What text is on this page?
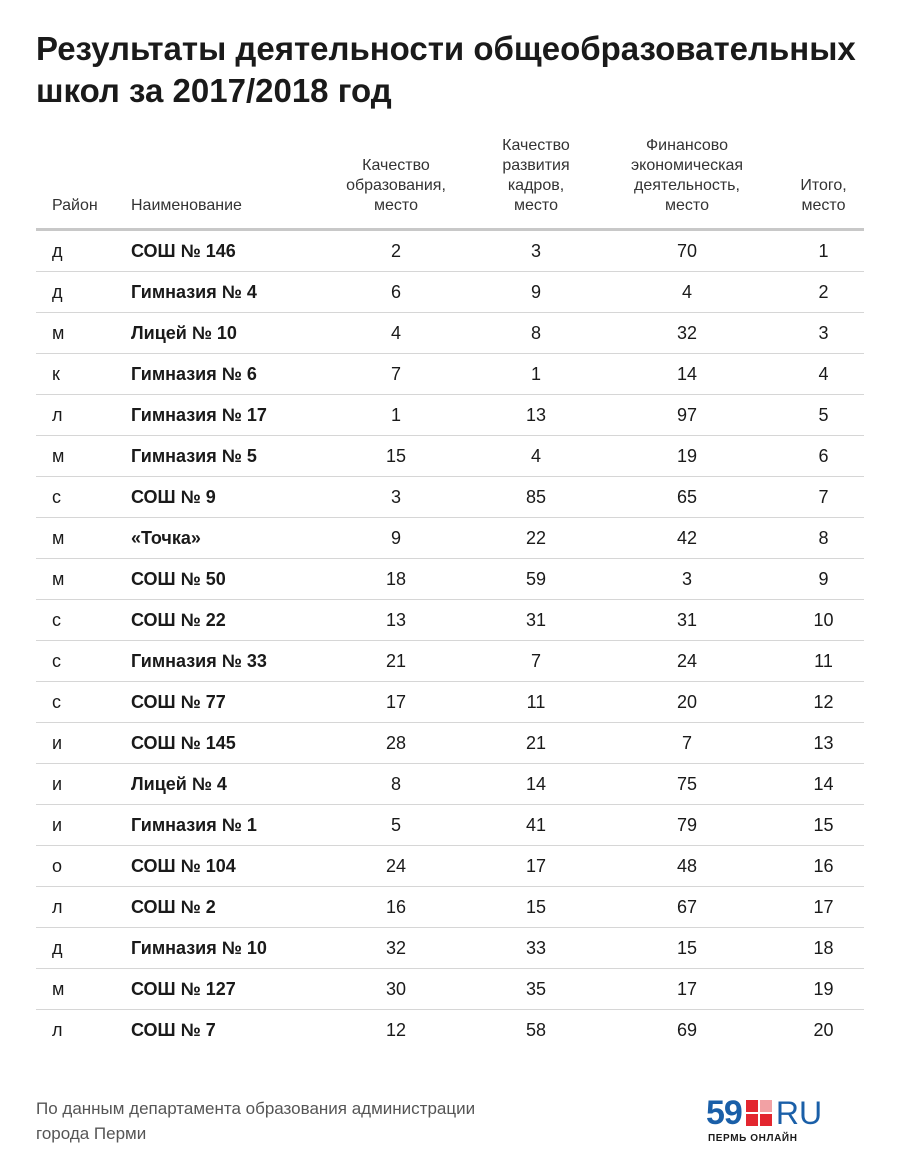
Результаты деятельности общеобразовательных школ за 2017/2018 год
Район	Наименование	Качество образования, место	Качество развития кадров, место	Финансово экономическая деятельность, место	Итого, место

д	СОШ № 146	2	3	70	1
д	Гимназия № 4	6	9	4	2
м	Лицей № 10	4	8	32	3
к	Гимназия № 6	7	1	14	4
л	Гимназия № 17	1	13	97	5
м	Гимназия № 5	15	4	19	6
с	СОШ № 9	3	85	65	7
м	«Точка»	9	22	42	8
м	СОШ № 50	18	59	3	9
с	СОШ № 22	13	31	31	10
с	Гимназия № 33	21	7	24	11
с	СОШ № 77	17	11	20	12
и	СОШ № 145	28	21	7	13
и	Лицей № 4	8	14	75	14
и	Гимназия № 1	5	41	79	15
о	СОШ № 104	24	17	48	16
л	СОШ № 2	16	15	67	17
д	Гимназия № 10	32	33	15	18
м	СОШ № 127	30	35	17	19
л	СОШ № 7	12	58	69	20
По данным департамента образования администрации города Перми
59 RU
ПЕРМЬ ОНЛАЙН
